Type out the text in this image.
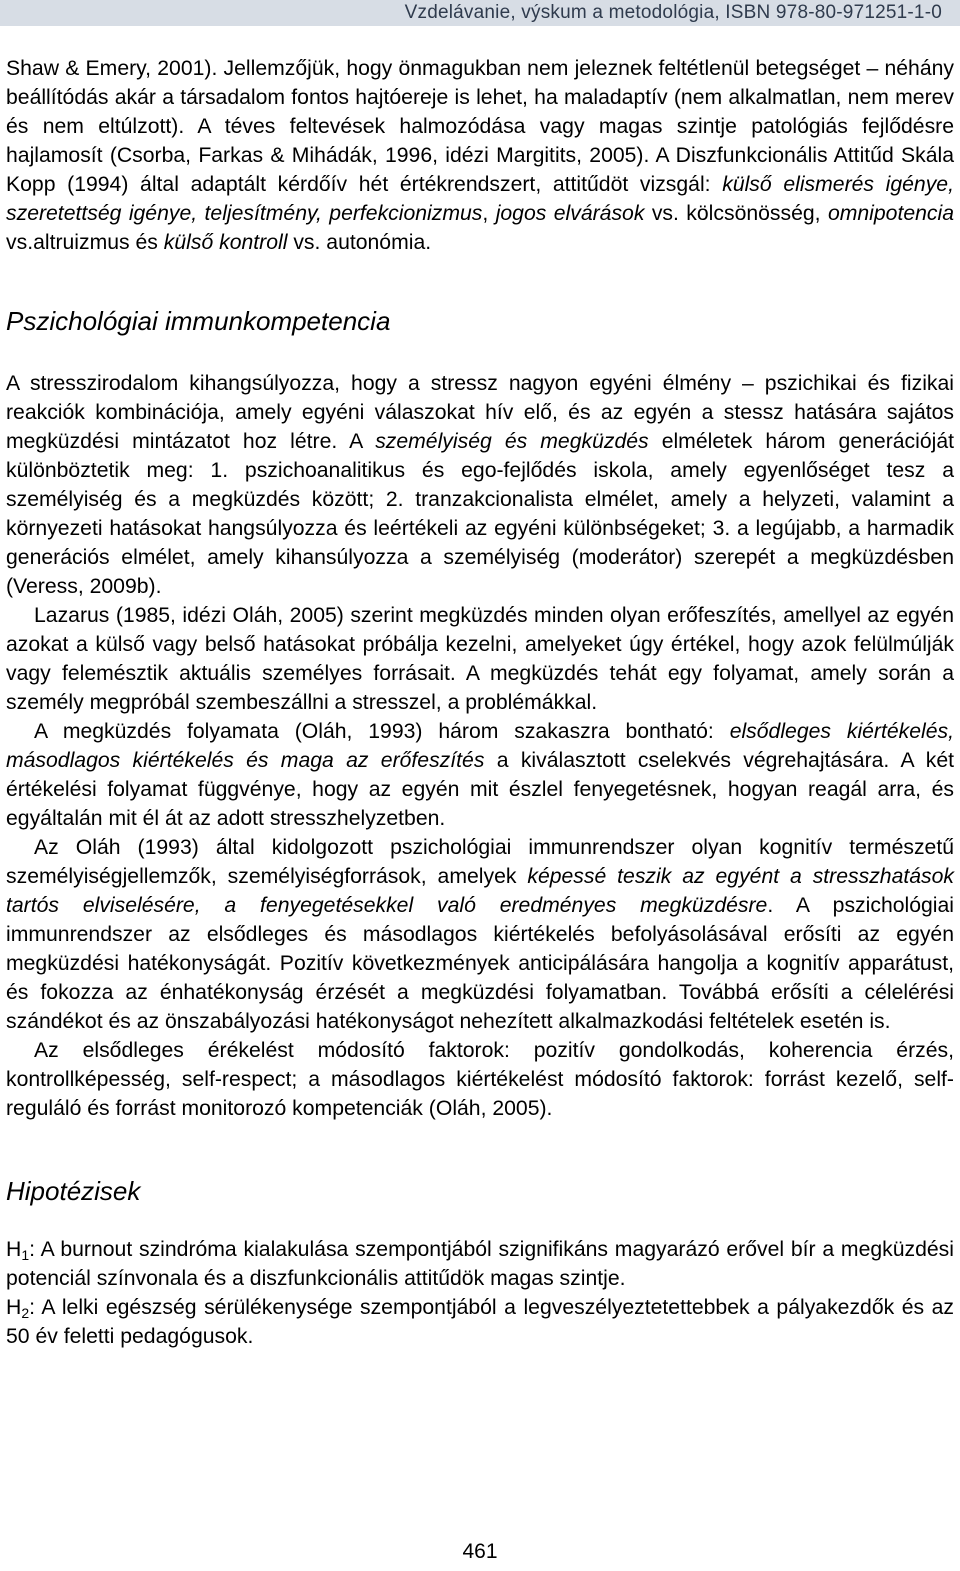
Vzdelávanie, výskum a metodológia, ISBN 978-80-971251-1-0

Shaw & Emery, 2001). Jellemzőjük, hogy önmagukban nem jeleznek feltétlenül betegséget – néhány beállítódás akár a társadalom fontos hajtóereje is lehet, ha maladaptív (nem alkalmatlan, nem merev és nem eltúlzott). A téves feltevések halmozódása vagy magas szintje patológiás fejlődésre hajlamosít (Csorba, Farkas & Mihádák, 1996, idézi Margitits, 2005). A Diszfunkcionális Attitűd Skála Kopp (1994) által adaptált kérdőív hét értékrendszert, attitűdöt vizsgál: külső elismerés igénye, szeretettség igénye, teljesítmény, perfekcionizmus, jogos elvárások vs. kölcsönösség, omnipotencia vs.altruizmus és külső kontroll vs. autonómia.

Pszichológiai immunkompetencia

A stresszirodalom kihangsúlyozza, hogy a stressz nagyon egyéni élmény – pszichikai és fizikai reakciók kombinációja, amely egyéni válaszokat hív elő, és az egyén a stessz hatására sajátos megküzdési mintázatot hoz létre. A személyiség és megküzdés elméletek három generációját különböztetik meg: 1. pszichoanalitikus és ego-fejlődés iskola, amely egyenlőséget tesz a személyiség és a megküzdés között; 2. tranzakcionalista elmélet, amely a helyzeti, valamint a környezeti hatásokat hangsúlyozza és leértékeli az egyéni különbségeket; 3. a legújabb, a harmadik generációs elmélet, amely kihansúlyozza a személyiség (moderátor) szerepét a megküzdésben (Veress, 2009b).

Lazarus (1985, idézi Oláh, 2005) szerint megküzdés minden olyan erőfeszítés, amellyel az egyén azokat a külső vagy belső hatásokat próbálja kezelni, amelyeket úgy értékel, hogy azok felülmúlják vagy felemésztik aktuális személyes forrásait. A megküzdés tehát egy folyamat, amely során a személy megpróbál szembeszállni a stresszel, a problémákkal.

A megküzdés folyamata (Oláh, 1993) három szakaszra bontható: elsődleges kiértékelés, másodlagos kiértékelés és maga az erőfeszítés a kiválasztott cselekvés végrehajtására. A két értékelési folyamat függvénye, hogy az egyén mit észlel fenyegetésnek, hogyan reagál arra, és egyáltalán mit él át az adott stresszhelyzetben.

Az Oláh (1993) által kidolgozott pszichológiai immunrendszer olyan kognitív természetű személyiségjellemzők, személyiségforrások, amelyek képessé teszik az egyént a stresszhatások tartós elviselésére, a fenyegetésekkel való eredményes megküzdésre. A pszichológiai immunrendszer az elsődleges és másodlagos kiértékelés befolyásolásával erősíti az egyén megküzdési hatékonyságát. Pozitív következmények anticipálására hangolja a kognitív apparátust, és fokozza az énhatékonyság érzését a megküzdési folyamatban. Továbbá erősíti a célelérési szándékot és az önszabályozási hatékonyságot nehezített alkalmazkodási feltételek esetén is.

Az elsődleges érékelést módosító faktorok: pozitív gondolkodás, koherencia érzés, kontrollképesség, self-respect; a másodlagos kiértékelést módosító faktorok: forrást kezelő, self-reguláló és forrást monitorozó kompetenciák (Oláh, 2005).

Hipotézisek

$H_1$: A burnout szindróma kialakulása szempontjából szignifikáns magyarázó erővel bír a megküzdési potenciál színvonala és a diszfunkcionális attitűdök magas szintje.

$H_2$: A lelki egészség sérülékenysége szempontjából a legveszélyeztetettebbek a pályakezdők és az 50 év feletti pedagógusok.

461
